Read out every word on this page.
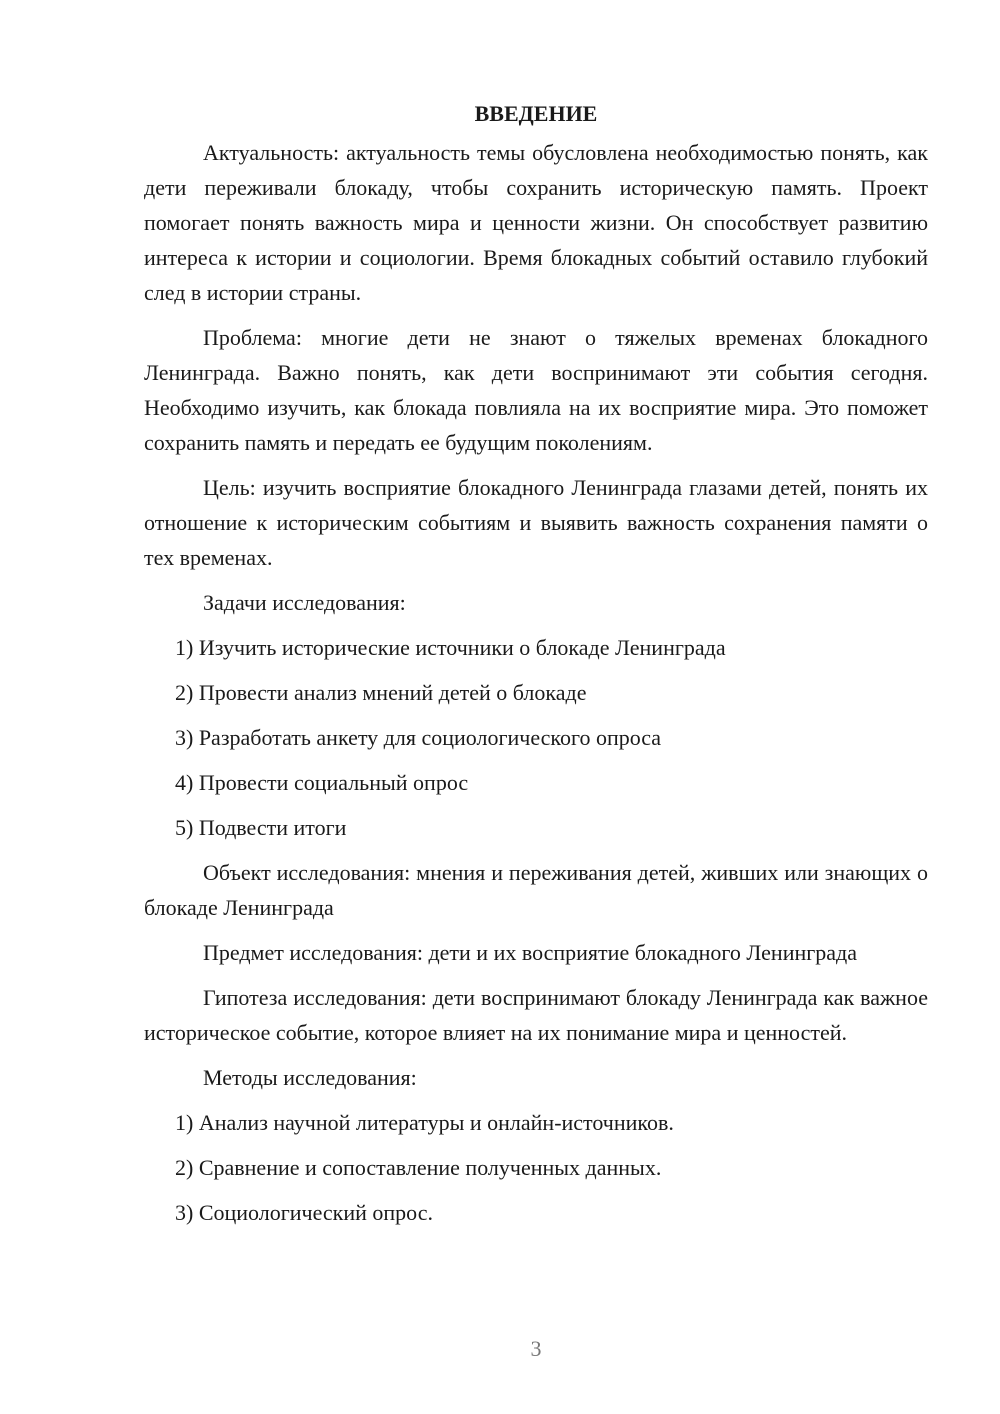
ВВЕДЕНИЕ

Актуальность: актуальность темы обусловлена необходимостью понять, как дети переживали блокаду, чтобы сохранить историческую память. Проект помогает понять важность мира и ценности жизни. Он способствует развитию интереса к истории и социологии. Время блокадных событий оставило глубокий след в истории страны.

Проблема: многие дети не знают о тяжелых временах блокадного Ленинграда. Важно понять, как дети воспринимают эти события сегодня. Необходимо изучить, как блокада повлияла на их восприятие мира. Это поможет сохранить память и передать ее будущим поколениям.

Цель: изучить восприятие блокадного Ленинграда глазами детей, понять их отношение к историческим событиям и выявить важность сохранения памяти о тех временах.

Задачи исследования:

1) Изучить исторические источники о блокаде Ленинграда
2) Провести анализ мнений детей о блокаде
3) Разработать анкету для социологического опроса
4) Провести социальный опрос
5) Подвести итоги

Объект исследования: мнения и переживания детей, живших или знающих о блокаде Ленинграда

Предмет исследования: дети и их восприятие блокадного Ленинграда

Гипотеза исследования: дети воспринимают блокаду Ленинграда как важное историческое событие, которое влияет на их понимание мира и ценностей.

Методы исследования:

1) Анализ научной литературы и онлайн-источников.
2) Сравнение и сопоставление полученных данных.
3) Социологический опрос.
3
